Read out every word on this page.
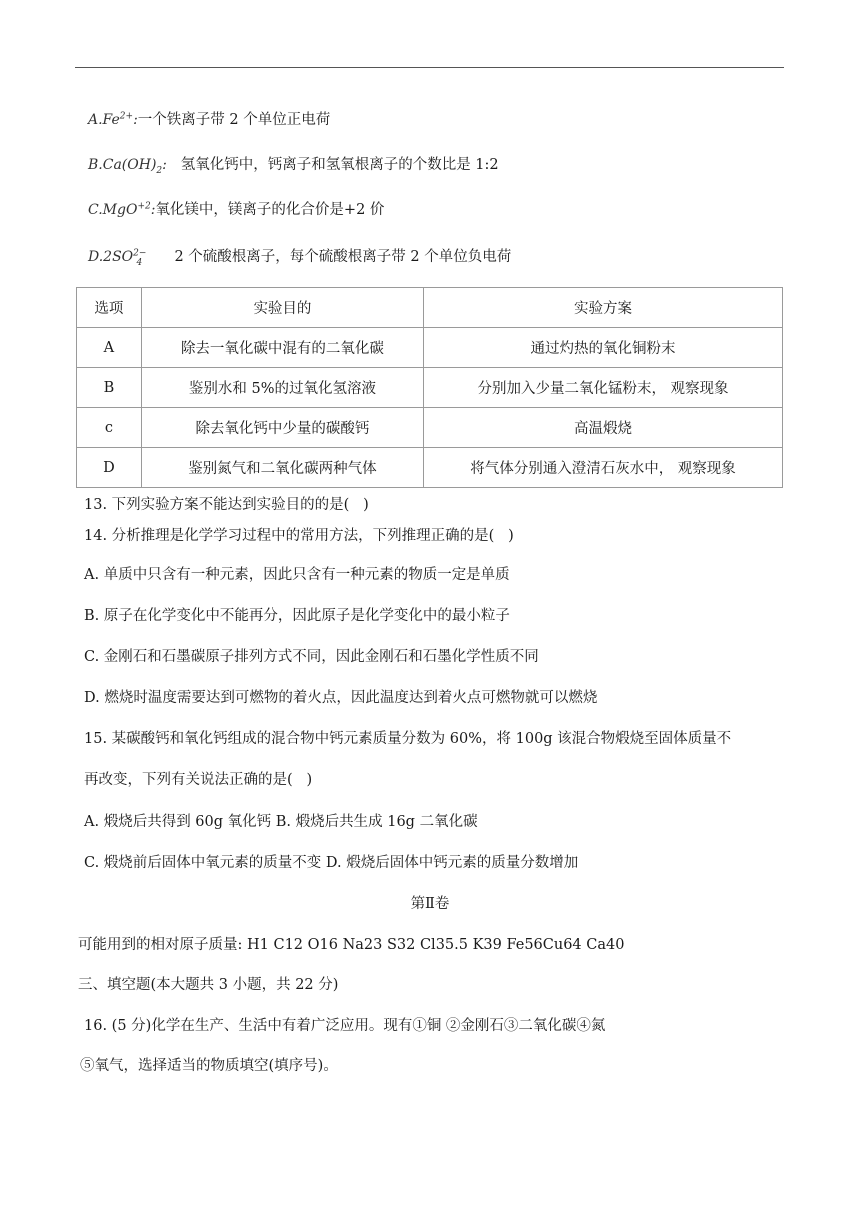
$A.Fe^{2+}$:一个铁离子带 2 个单位正电荷
$B.Ca(OH)_2$: 氢氧化钙中，钙离子和氢氧根离子的个数比是 1:2
C.MgO$^{+2}$:氧化镁中，镁离子的化合价是+2 价
$D.2SO^{2-}_4$ 2 个硫酸根离子，每个硫酸根离子带 2 个单位负电荷
选项	实验目的	实验方案
A	除去一氧化碳中混有的二氧化碳	通过灼热的氧化铜粉末
B	鉴别水和 5%的过氧化氢溶液	分别加入少量二氧化锰粉末， 观察现象
c	除去氧化钙中少量的碳酸钙	高温煅烧
D	鉴别氮气和二氧化碳两种气体	将气体分别通入澄清石灰水中， 观察现象
13. 下列实验方案不能达到实验目的的是(   )
14. 分析推理是化学学习过程中的常用方法，下列推理正确的是(   )
A. 单质中只含有一种元素，因此只含有一种元素的物质一定是单质
B. 原子在化学变化中不能再分，因此原子是化学变化中的最小粒子
C. 金刚石和石墨碳原子排列方式不同，因此金刚石和石墨化学性质不同
D. 燃烧时温度需要达到可燃物的着火点，因此温度达到着火点可燃物就可以燃烧
15. 某碳酸钙和氧化钙组成的混合物中钙元素质量分数为 60%，将 100g 该混合物煅烧至固体质量不
再改变，下列有关说法正确的是(   )
A. 煅烧后共得到 60g 氧化钙 B. 煅烧后共生成 16g 二氧化碳
C. 煅烧前后固体中氧元素的质量不变 D. 煅烧后固体中钙元素的质量分数增加
第Ⅱ卷
可能用到的相对原子质量: H1 C12 O16 Na23 S32 Cl35.5 K39 Fe56Cu64 Ca40
三、填空题(本大题共 3 小题，共 22 分)
16. (5 分)化学在生产、生活中有着广泛应用。现有①铜 ②金刚石③二氧化碳④氮
⑤氧气，选择适当的物质填空(填序号)。
